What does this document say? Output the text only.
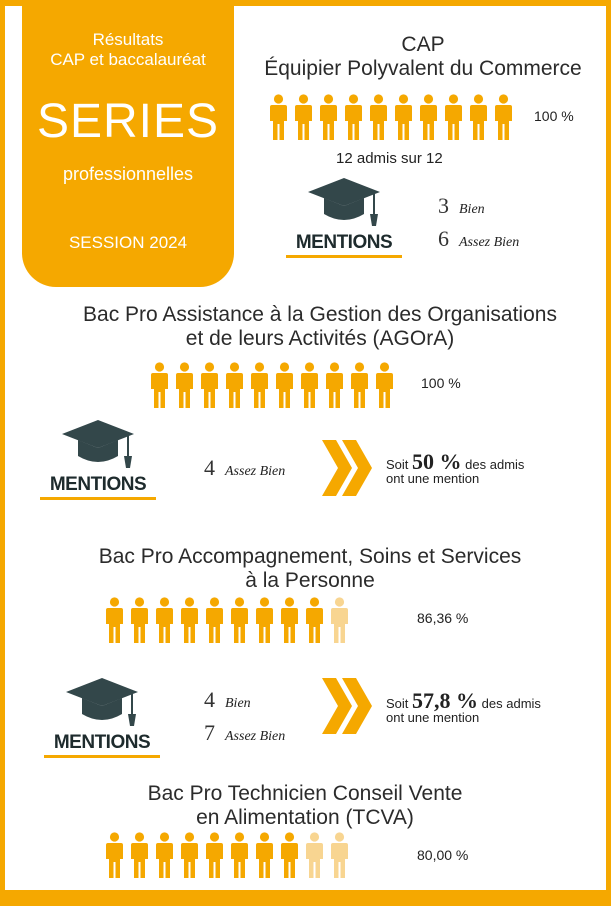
Résultats
CAP et baccalauréat
SERIES
professionnelles
SESSION 2024
CAP
Équipier Polyvalent du Commerce
100 %
12 admis sur 12
MENTIONS
3 Bien
6 Assez Bien
Bac Pro Assistance à la Gestion des Organisations
et de leurs Activités (AGOrA)
100 %
MENTIONS
4 Assez Bien	Soit 50 % des admis
ont une mention
Bac Pro Accompagnement, Soins et Services
à la Personne
86,36 %
MENTIONS
4 Bien
7 Assez Bien
Soit 57,8 % des admis
ont une mention
Bac Pro Technicien Conseil Vente
en Alimentation (TCVA)
80,00 %
